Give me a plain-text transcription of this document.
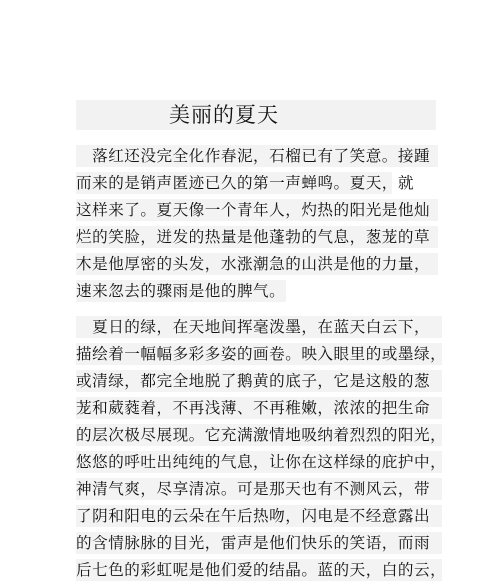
美丽的夏天
　落红还没完全化作春泥，石榴已有了笑意。接踵
而来的是销声匿迹已久的第一声蝉鸣。夏天，就
这样来了。夏天像一个青年人，灼热的阳光是他灿
烂的笑脸，迸发的热量是他蓬勃的气息，葱茏的草
木是他厚密的头发，水涨潮急的山洪是他的力量，
速来忽去的骤雨是他的脾气。
　夏日的绿，在天地间挥毫泼墨，在蓝天白云下，
描绘着一幅幅多彩多姿的画卷。映入眼里的或墨绿，
或清绿，都完全地脱了鹅黄的底子，它是这般的葱
茏和葳蕤着，不再浅薄、不再稚嫩，浓浓的把生命
的层次极尽展现。它充满激情地吸纳着烈烈的阳光，
悠悠的呼吐出纯纯的气息，让你在这样绿的庇护中，
神清气爽，尽享清凉。可是那天也有不测风云，带
了阴和阳电的云朵在午后热吻，闪电是不经意露出
的含情脉脉的目光，雷声是他们快乐的笑语，而雨
后七色的彩虹呢是他们爱的结晶。蓝的天，白的云，
